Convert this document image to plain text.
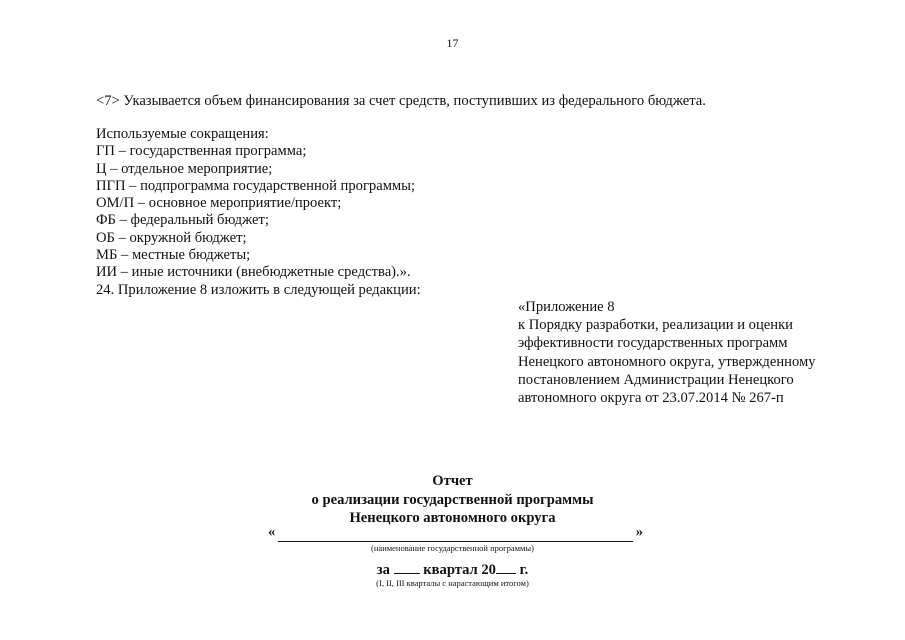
17
<7> Указывается объем финансирования за счет средств, поступивших из федерального бюджета.
Используемые сокращения:
ГП – государственная программа;
Ц – отдельное мероприятие;
ПГП – подпрограмма государственной программы;
ОМ/П – основное мероприятие/проект;
ФБ – федеральный бюджет;
ОБ – окружной бюджет;
МБ – местные бюджеты;
ИИ – иные источники (внебюджетные средства).».
24. Приложение 8 изложить в следующей редакции:
«Приложение 8
к Порядку разработки, реализации и оценки
эффективности государственных программ
Ненецкого автономного округа, утвержденному
постановлением Администрации Ненецкого
автономного округа от 23.07.2014 № 267-п
Отчет
о реализации государственной программы
Ненецкого автономного округа
«	»
(наименование государственной программы)
за квартал 20 г.
(I, II, III кварталы с нарастающим итогом)
